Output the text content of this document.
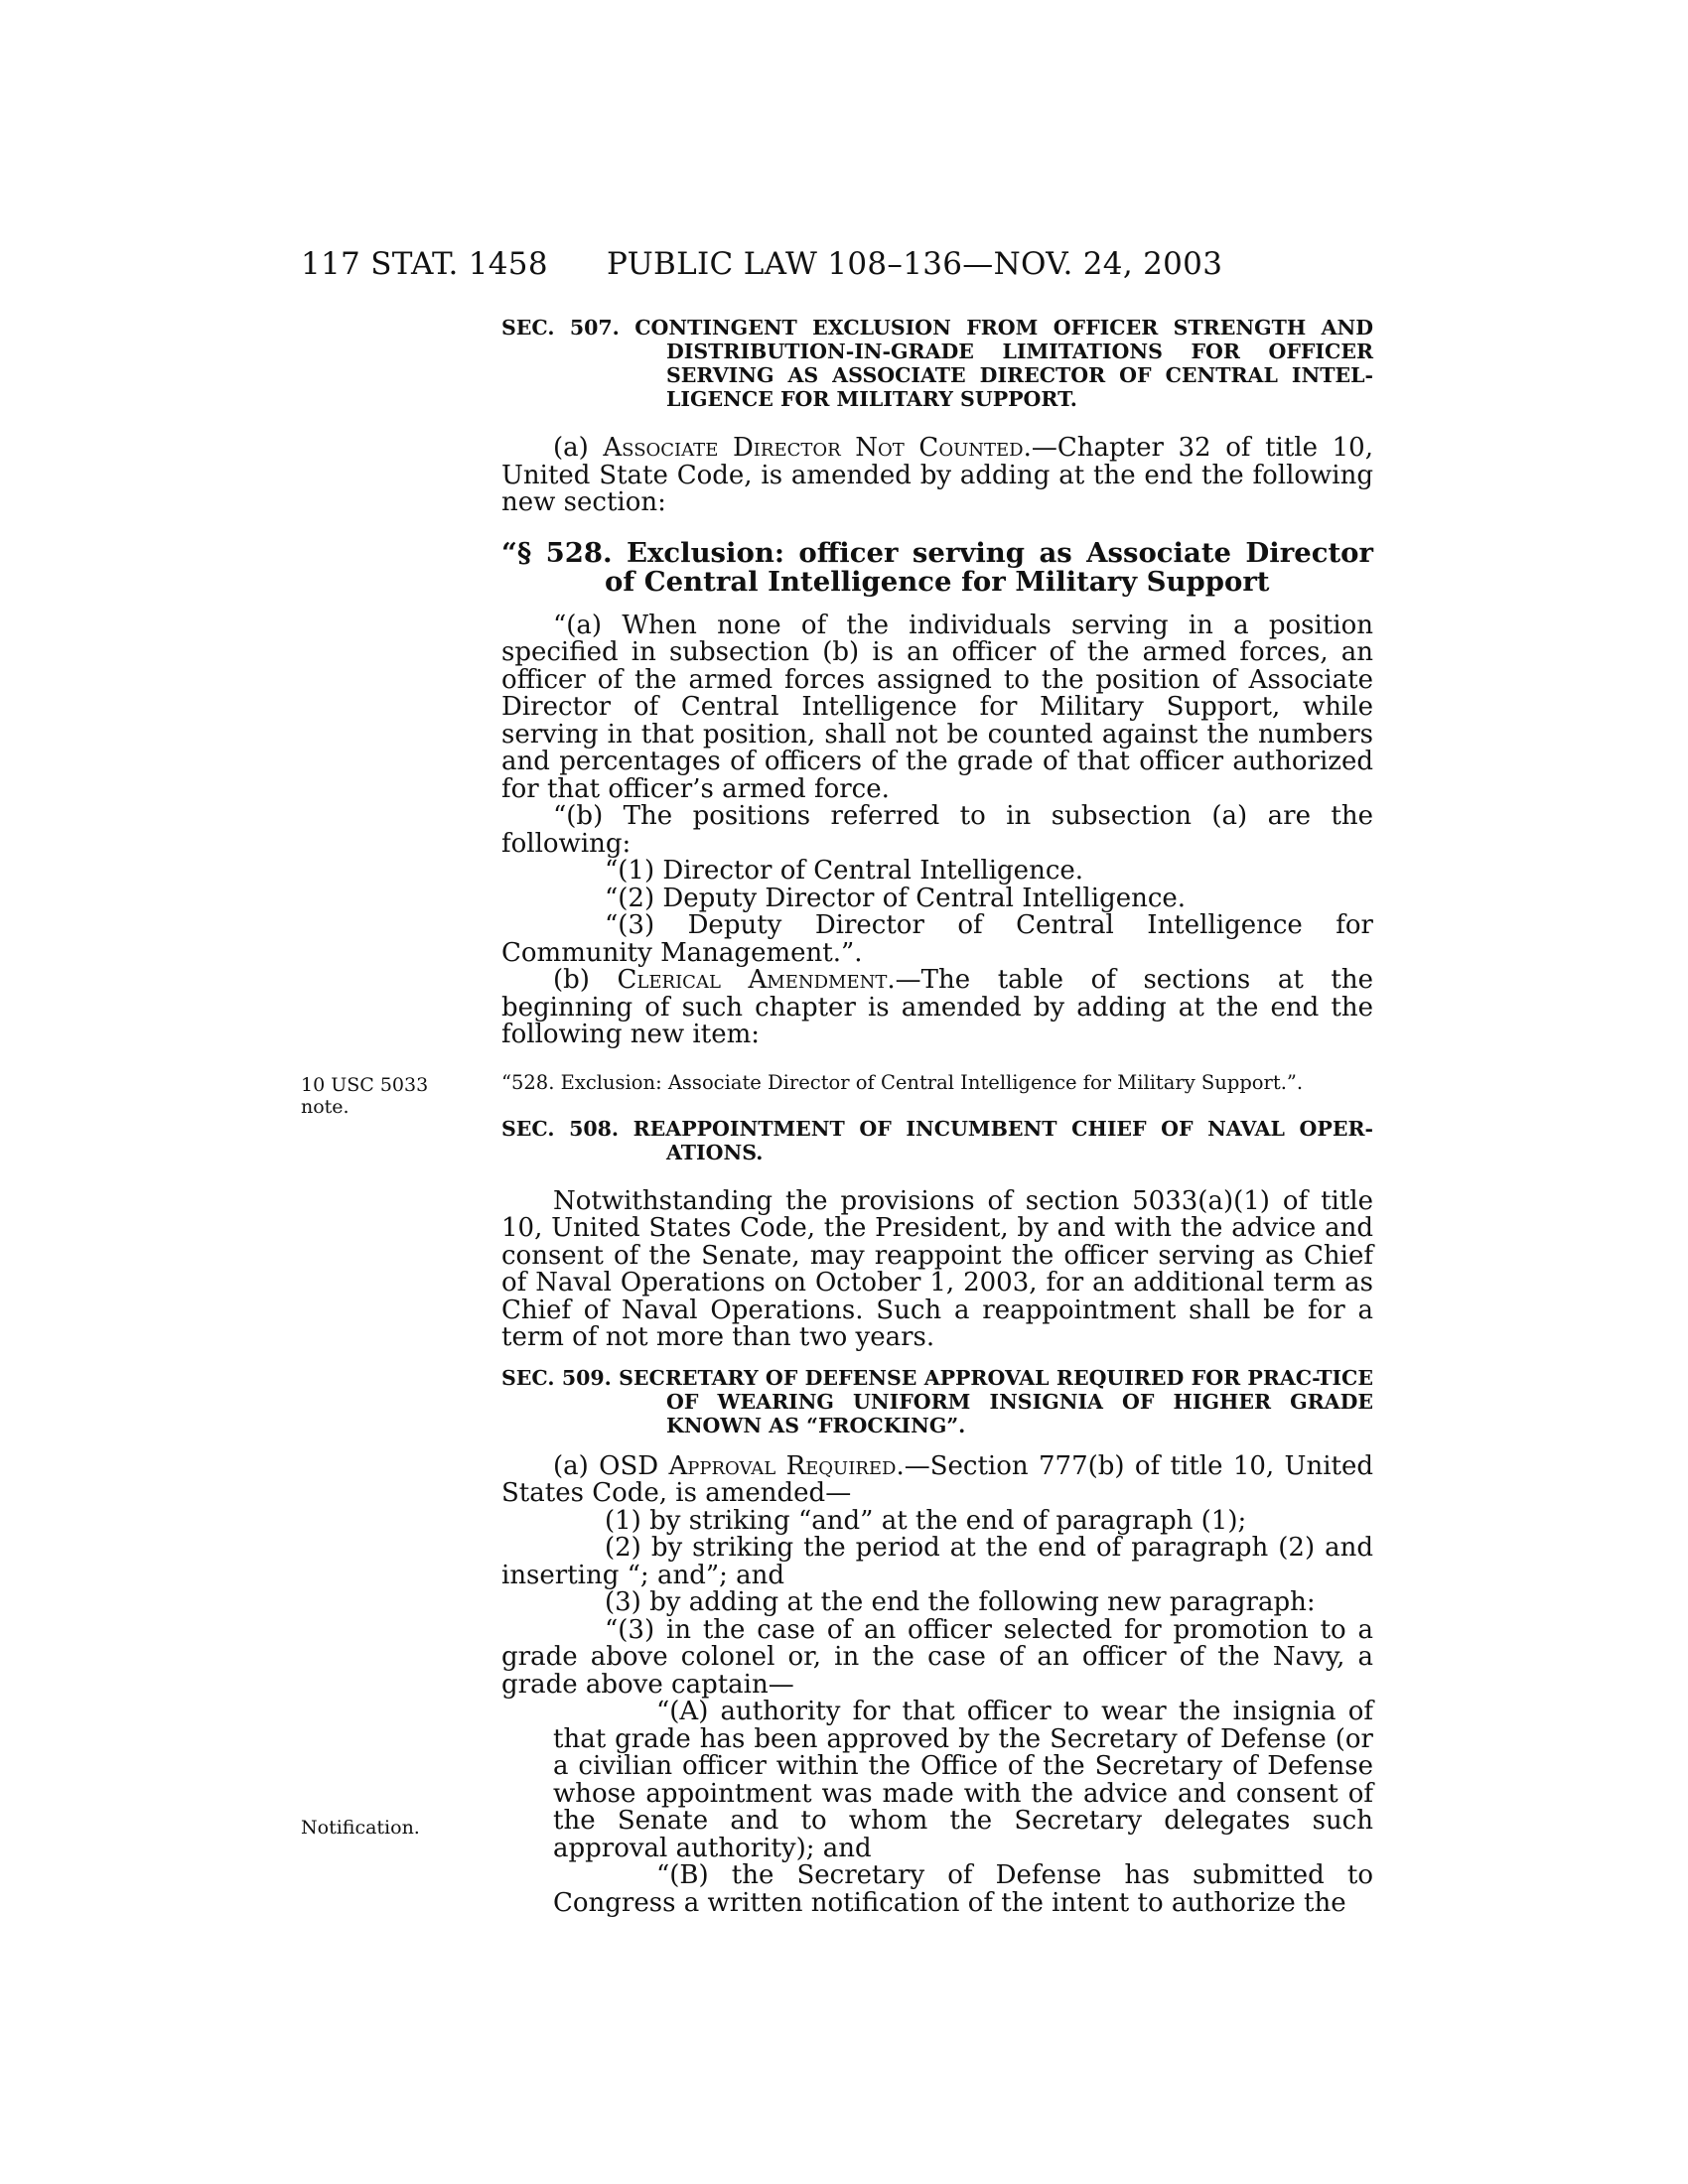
117 STAT. 1458 PUBLIC LAW 108–136—NOV. 24, 2003
10 USC 5033
note.
Notification.
SEC. 507. CONTINGENT EXCLUSION FROM OFFICER STRENGTH AND DISTRIBUTION-IN-GRADE LIMITATIONS FOR OFFICER SERVING AS ASSOCIATE DIRECTOR OF CENTRAL INTEL-LIGENCE FOR MILITARY SUPPORT.

(a) Associate Director Not Counted.—Chapter 32 of title 10, United State Code, is amended by adding at the end the following new section:

“§ 528. Exclusion: officer serving as Associate Director of Central Intelligence for Military Support

“(a) When none of the individuals serving in a position specified in subsection (b) is an officer of the armed forces, an officer of the armed forces assigned to the position of Associate Director of Central Intelligence for Military Support, while serving in that position, shall not be counted against the numbers and percentages of officers of the grade of that officer authorized for that officer’s armed force.

“(b) The positions referred to in subsection (a) are the following:

“(1) Director of Central Intelligence.

“(2) Deputy Director of Central Intelligence.

“(3) Deputy Director of Central Intelligence for Community Management.”.

(b) Clerical Amendment.—The table of sections at the beginning of such chapter is amended by adding at the end the following new item:

“528. Exclusion: Associate Director of Central Intelligence for Military Support.”.

SEC. 508. REAPPOINTMENT OF INCUMBENT CHIEF OF NAVAL OPER-ATIONS.

Notwithstanding the provisions of section 5033(a)(1) of title 10, United States Code, the President, by and with the advice and consent of the Senate, may reappoint the officer serving as Chief of Naval Operations on October 1, 2003, for an additional term as Chief of Naval Operations. Such a reappointment shall be for a term of not more than two years.

SEC. 509. SECRETARY OF DEFENSE APPROVAL REQUIRED FOR PRAC-TICE OF WEARING UNIFORM INSIGNIA OF HIGHER GRADE KNOWN AS “FROCKING”.

(a) OSD Approval Required.—Section 777(b) of title 10, United States Code, is amended—

(1) by striking “and” at the end of paragraph (1);

(2) by striking the period at the end of paragraph (2) and inserting “; and”; and

(3) by adding at the end the following new paragraph:

“(3) in the case of an officer selected for promotion to a grade above colonel or, in the case of an officer of the Navy, a grade above captain—

“(A) authority for that officer to wear the insignia of that grade has been approved by the Secretary of Defense (or a civilian officer within the Office of the Secretary of Defense whose appointment was made with the advice and consent of the Senate and to whom the Secretary delegates such approval authority); and

“(B) the Secretary of Defense has submitted to Congress a written notification of the intent to authorize the
